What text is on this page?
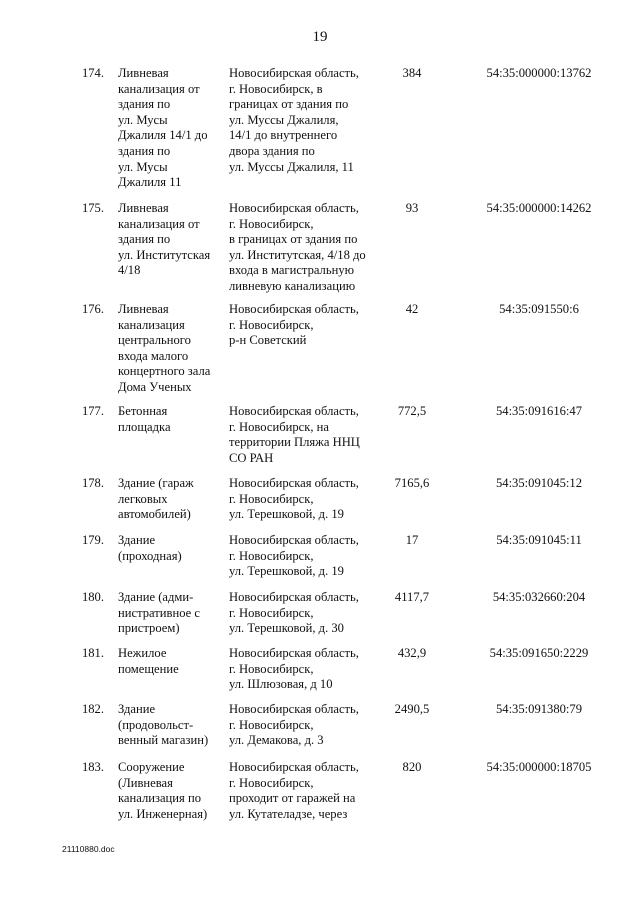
19
174. Ливневая
канализация от
здания по
ул. Мусы
Джалиля 14/1 до
здания по
ул. Мусы
Джалиля 11
Новосибирская область,
г. Новосибирск, в
границах от здания по
ул. Муссы Джалиля,
14/1 до внутреннего
двора здания по
ул. Муссы Джалиля, 11
384	54:35:000000:13762
175. Ливневая
канализация от
здания по
ул. Институтская
4/18
Новосибирская область,
г. Новосибирск,
в границах от здания по
ул. Институтская, 4/18 до
входа в магистральную
ливневую канализацию
93	54:35:000000:14262
176. Ливневая
канализация
центрального
входа малого
концертного зала
Дома Ученых
Новосибирская область,
г. Новосибирск,
р-н Советский
42	54:35:091550:6
177. Бетонная
площадка
Новосибирская область,
г. Новосибирск, на
территории Пляжа ННЦ
СО РАН
772,5	54:35:091616:47
178. Здание (гараж
легковых
автомобилей)
Новосибирская область,
г. Новосибирск,
ул. Терешковой, д. 19
7165,6	54:35:091045:12
179. Здание
(проходная)
Новосибирская область,
г. Новосибирск,
ул. Терешковой, д. 19
17	54:35:091045:11
180. Здание (адми-
нистративное с
пристроем)
Новосибирская область,
г. Новосибирск,
ул. Терешковой, д. 30
4117,7	54:35:032660:204
181. Нежилое
помещение
Новосибирская область,
г. Новосибирск,
ул. Шлюзовая, д 10
432,9	54:35:091650:2229
182. Здание
(продовольст-
венный магазин)
Новосибирская область,
г. Новосибирск,
ул. Демакова, д. 3
2490,5	54:35:091380:79
183. Сооружение
(Ливневая
канализация по
ул. Инженерная)
Новосибирская область,
г. Новосибирск,
проходит от гаражей на
ул. Кутателадзе, через
820	54:35:000000:18705
21110880.doc
